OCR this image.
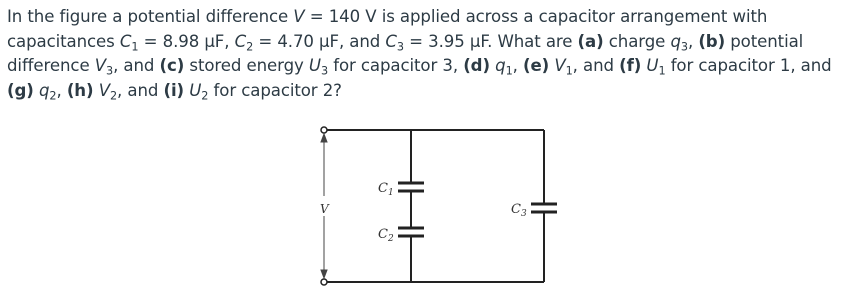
In the figure a potential difference V = 140 V is applied across a capacitor arrangement with
capacitances $C_1 = 8.98$ μF, $C_2 = 4.70$ μF, and $C_3 = 3.95$ μF. What are (a) charge $q_3$, (b) potential
difference $V_3$, and (c) stored energy $U_3$ for capacitor 3, (d) $q_1$, (e) $V_1$, and (f) $U_1$ for capacitor 1, and
(g) $q_2$, (h) $V_2$, and (i) $U_2$ for capacitor 2?
V
$C_1$
$C_2$
$C_3$
